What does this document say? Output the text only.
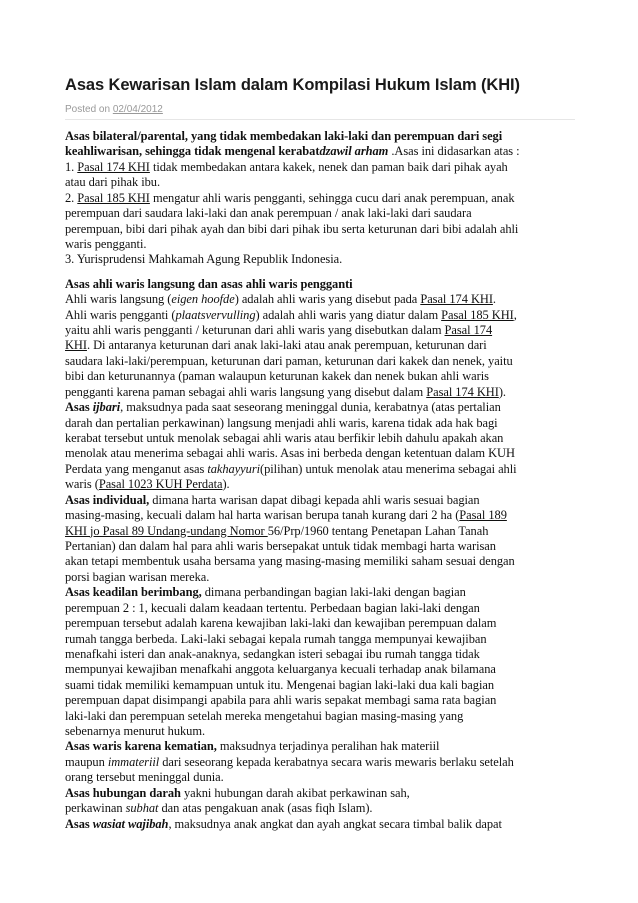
Asas Kewarisan Islam dalam Kompilasi Hukum Islam (KHI)
Posted on 02/04/2012
Asas bilateral/parental, yang tidak membedakan laki-laki dan perempuan dari segi
keahliwarisan, sehingga tidak mengenal kerabatdzawil arham .Asas ini didasarkan atas :
1. Pasal 174 KHI tidak membedakan antara kakek, nenek dan paman baik dari pihak ayah
atau dari pihak ibu.
2. Pasal 185 KHI mengatur ahli waris pengganti, sehingga cucu dari anak perempuan, anak
perempuan dari saudara laki-laki dan anak perempuan / anak laki-laki dari saudara
perempuan, bibi dari pihak ayah dan bibi dari pihak ibu serta keturunan dari bibi adalah ahli
waris pengganti.
3. Yurisprudensi Mahkamah Agung Republik Indonesia.
Asas ahli waris langsung dan asas ahli waris pengganti
Ahli waris langsung (eigen hoofde) adalah ahli waris yang disebut pada Pasal 174 KHI.
Ahli waris pengganti (plaatsvervulling) adalah ahli waris yang diatur dalam Pasal 185 KHI,
yaitu ahli waris pengganti / keturunan dari ahli waris yang disebutkan dalam Pasal 174
KHI. Di antaranya keturunan dari anak laki-laki atau anak perempuan, keturunan dari
saudara laki-laki/perempuan, keturunan dari paman, keturunan dari kakek dan nenek, yaitu
bibi dan keturunannya (paman walaupun keturunan kakek dan nenek bukan ahli waris
pengganti karena paman sebagai ahli waris langsung yang disebut dalam Pasal 174 KHI).
Asas ijbari, maksudnya pada saat seseorang meninggal dunia, kerabatnya (atas pertalian
darah dan pertalian perkawinan) langsung menjadi ahli waris, karena tidak ada hak bagi
kerabat tersebut untuk menolak sebagai ahli waris atau berfikir lebih dahulu apakah akan
menolak atau menerima sebagai ahli waris. Asas ini berbeda dengan ketentuan dalam KUH
Perdata yang menganut asas takhayyuri(pilihan) untuk menolak atau menerima sebagai ahli
waris (Pasal 1023 KUH Perdata).
Asas individual, dimana harta warisan dapat dibagi kepada ahli waris sesuai bagian
masing-masing, kecuali dalam hal harta warisan berupa tanah kurang dari 2 ha (Pasal 189
KHI jo Pasal 89 Undang-undang Nomor 56/Prp/1960 tentang Penetapan Lahan Tanah
Pertanian) dan dalam hal para ahli waris bersepakat untuk tidak membagi harta warisan
akan tetapi membentuk usaha bersama yang masing-masing memiliki saham sesuai dengan
porsi bagian warisan mereka.
Asas keadilan berimbang, dimana perbandingan bagian laki-laki dengan bagian
perempuan 2 : 1, kecuali dalam keadaan tertentu. Perbedaan bagian laki-laki dengan
perempuan tersebut adalah karena kewajiban laki-laki dan kewajiban perempuan dalam
rumah tangga berbeda. Laki-laki sebagai kepala rumah tangga mempunyai kewajiban
menafkahi isteri dan anak-anaknya, sedangkan isteri sebagai ibu rumah tangga tidak
mempunyai kewajiban menafkahi anggota keluarganya kecuali terhadap anak bilamana
suami tidak memiliki kemampuan untuk itu. Mengenai bagian laki-laki dua kali bagian
perempuan dapat disimpangi apabila para ahli waris sepakat membagi sama rata bagian
laki-laki dan perempuan setelah mereka mengetahui bagian masing-masing yang
sebenarnya menurut hukum.
Asas waris karena kematian, maksudnya terjadinya peralihan hak materiil
maupun immateriil dari seseorang kepada kerabatnya secara waris mewaris berlaku setelah
orang tersebut meninggal dunia.
Asas hubungan darah yakni hubungan darah akibat perkawinan sah,
perkawinan subhat dan atas pengakuan anak (asas fiqh Islam).
Asas wasiat wajibah, maksudnya anak angkat dan ayah angkat secara timbal balik dapat
